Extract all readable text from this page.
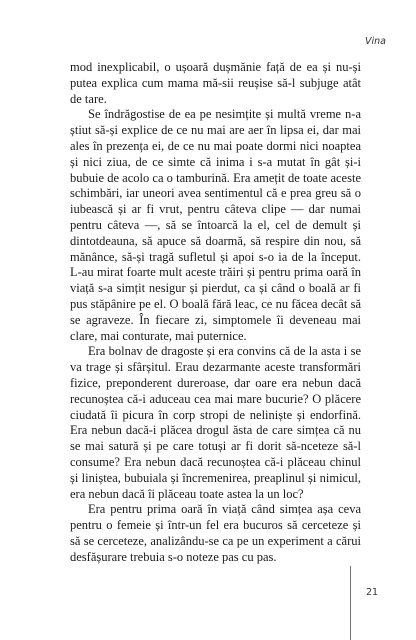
Vina

mod inexplicabil, o ușoară dușmănie față de ea și nu-și putea explica cum mama mă-sii reușise să-l subjuge atât de tare.

Se îndrăgostise de ea pe nesimțite și multă vreme n-a știut să-și explice de ce nu mai are aer în lipsa ei, dar mai ales în prezența ei, de ce nu mai poate dormi nici noaptea și nici ziua, de ce simte că inima i s-a mutat în gât și-i bubuie de acolo ca o tamburină. Era amețit de toate aceste schimbări, iar uneori avea sentimentul că e prea greu să o iubească și ar fi vrut, pentru câteva clipe — dar numai pentru câteva —, să se întoarcă la el, cel de demult și dintotdeauna, să apuce să doarmă, să respire din nou, să mănânce, să-și tragă sufletul și apoi s-o ia de la început. L-au mirat foarte mult aceste trăiri și pentru prima oară în viață s-a simțit nesigur și pierdut, ca și când o boală ar fi pus stăpânire pe el. O boală fără leac, ce nu făcea decât să se agraveze. În fiecare zi, simptomele îi deveneau mai clare, mai conturate, mai puternice.

Era bolnav de dragoste și era convins că de la asta i se va trage și sfârșitul. Erau dezarmante aceste transformări fizice, preponderent dureroase, dar oare era nebun dacă recunoștea că-i aduceau cea mai mare bucurie? O plăcere ciudată îi picura în corp stropi de neliniște și endorfină. Era nebun dacă-i plăcea drogul ăsta de care simțea că nu se mai satură și pe care totuși ar fi dorit să-nceteze să-l consume? Era nebun dacă recunoștea că-i plăceau chinul și liniștea, bubuiala și încremenirea, preaplinul și nimicul, era nebun dacă îi plăceau toate astea la un loc?

Era pentru prima oară în viață când simțea așa ceva pentru o femeie și într-un fel era bucuros să cerceteze și să se cerceteze, analizându-se ca pe un experiment a cărui desfășurare trebuia s-o noteze pas cu pas.

21
